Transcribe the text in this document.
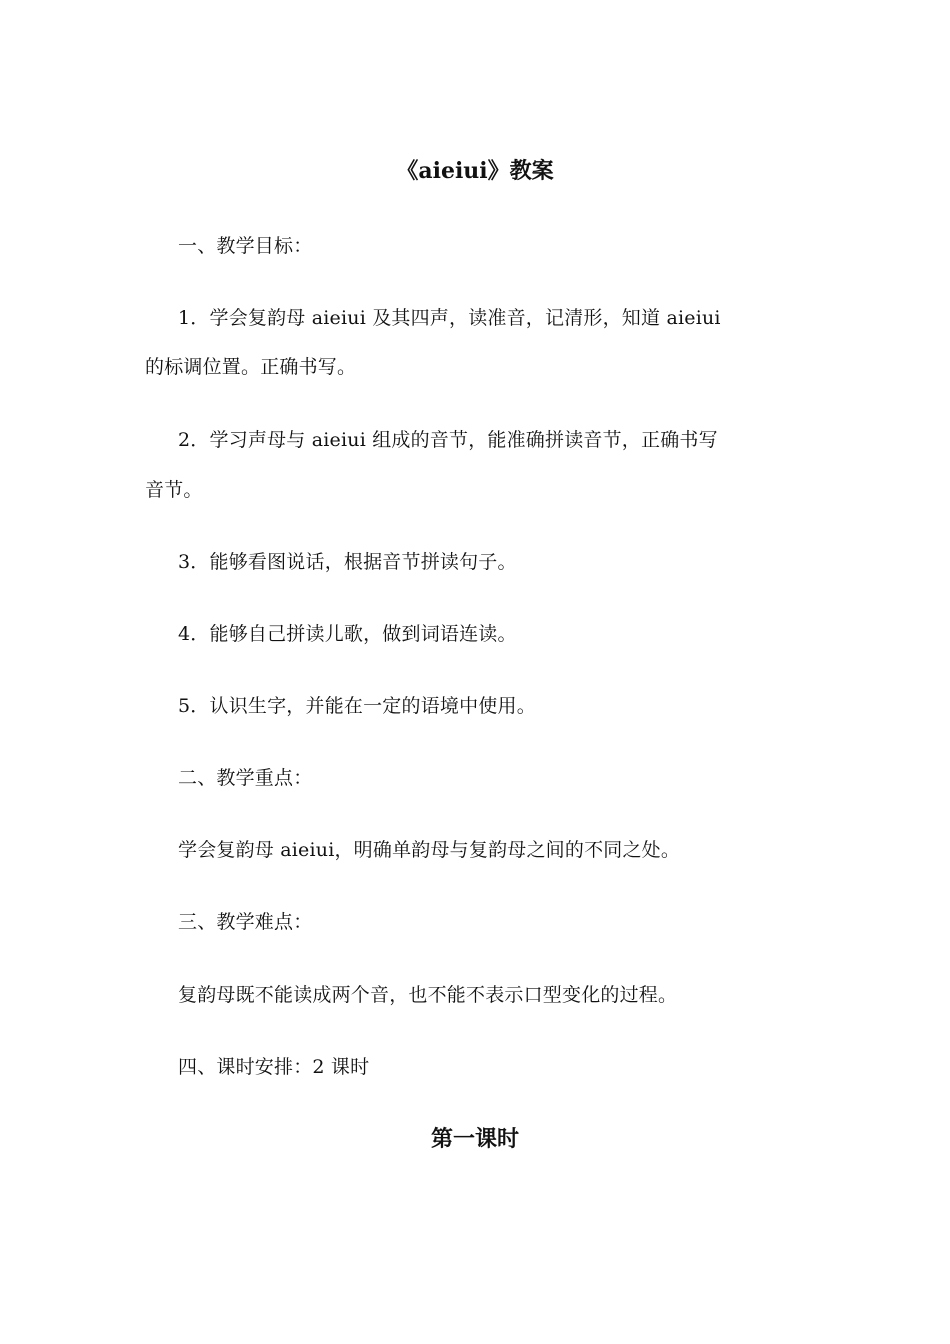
《aieiui》教案
一、教学目标：
1．学会复韵母 aieiui 及其四声，读准音，记清形，知道 aieiui
的标调位置。正确书写。
2．学习声母与 aieiui 组成的音节，能准确拼读音节，正确书写
音节。
3．能够看图说话，根据音节拼读句子。
4．能够自己拼读儿歌，做到词语连读。
5．认识生字，并能在一定的语境中使用。
二、教学重点：
学会复韵母 aieiui，明确单韵母与复韵母之间的不同之处。
三、教学难点：
复韵母既不能读成两个音，也不能不表示口型变化的过程。
四、课时安排：2 课时
第一课时
